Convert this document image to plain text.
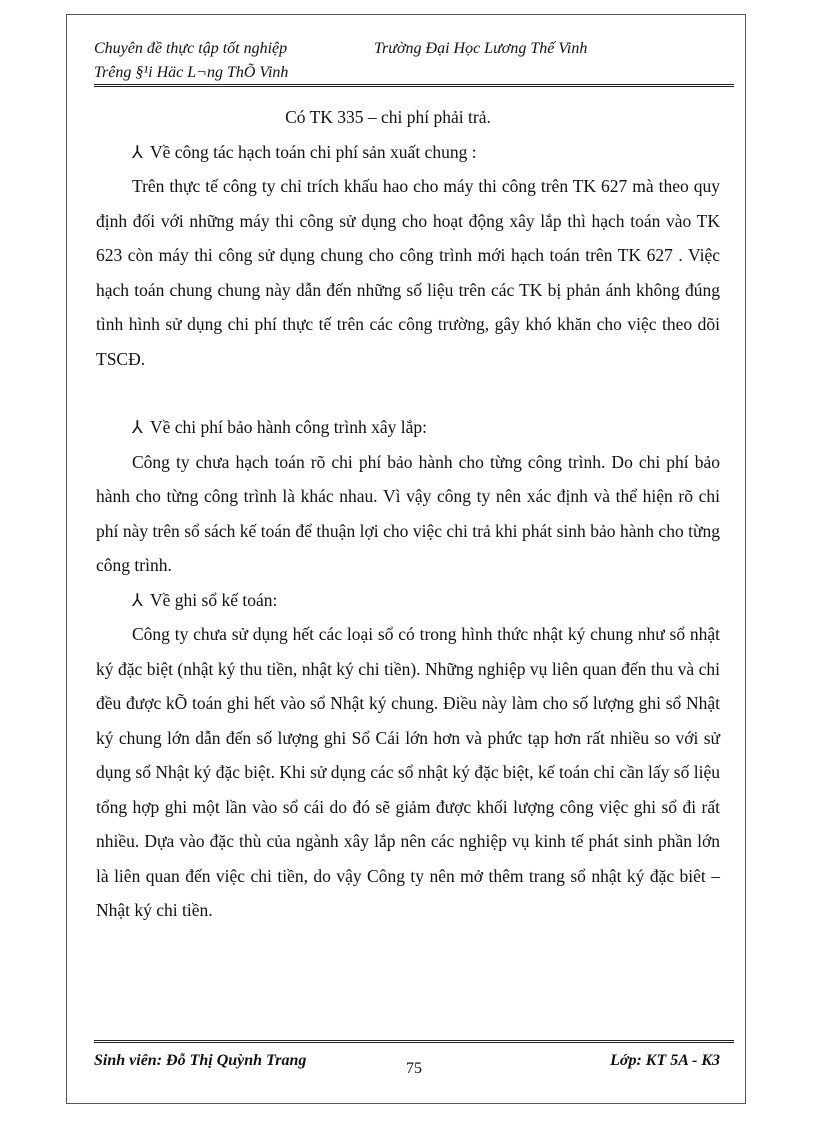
Chuyên đề thực tập tốt nghiệp	Trường Đại Học Lương Thế Vinh
Trêng §¹i Häc L¬ng ThÕ Vinh

Có TK 335 – chi phí phải trả.

⅄ Về công tác hạch toán chi phí sản xuất chung :

Trên thực tế công ty chỉ trích khấu hao cho máy thi công trên TK 627 mà theo quy định đối với những máy thi công sử dụng cho hoạt động xây lắp thì hạch toán vào TK 623 còn máy thi công sử dụng chung cho công trình mới hạch toán trên TK 627 . Việc hạch toán chung chung này dẫn đến những số liệu trên các TK bị phản ánh không đúng tình hình sử dụng chi phí thực tế trên các công trường, gây khó khăn cho việc theo dõi TSCĐ.

⅄ Về chi phí bảo hành công trình xây lắp:

Công ty chưa hạch toán rõ chi phí bảo hành cho từng công trình. Do chi phí bảo hành cho từng công trình là khác nhau. Vì vậy công ty nên xác định và thể hiện rõ chi phí này trên sổ sách kế toán để thuận lợi cho việc chi trả khi phát sinh bảo hành cho từng công trình.

⅄ Về ghi sổ kế toán:

Công ty chưa sử dụng hết các loại sổ có trong hình thức nhật ký chung như sổ nhật ký đặc biệt (nhật ký thu tiền, nhật ký chi tiền). Những nghiệp vụ liên quan đến thu và chi đều được kÕ toán ghi hết vào sổ Nhật ký chung. Điều này làm cho số lượng ghi sổ Nhật ký chung lớn dẫn đến số lượng ghi Sổ Cái lớn hơn và phức tạp hơn rất nhiều so với sử dụng sổ Nhật ký đặc biệt. Khi sử dụng các sổ nhật ký đặc biệt, kế toán chỉ cần lấy số liệu tổng hợp ghi một lần vào sổ cái do đó sẽ giảm được khối lượng công việc ghi sổ đi rất nhiều. Dựa vào đặc thù của ngành xây lắp nên các nghiệp vụ kinh tế phát sinh phần lớn là liên quan đến việc chi tiền, do vậy Công ty nên mở thêm trang sổ nhật ký đặc biêt – Nhật ký chi tiền.

Sinh viên: Đỗ Thị Quỳnh Trang	75	Lớp: KT 5A - K3
